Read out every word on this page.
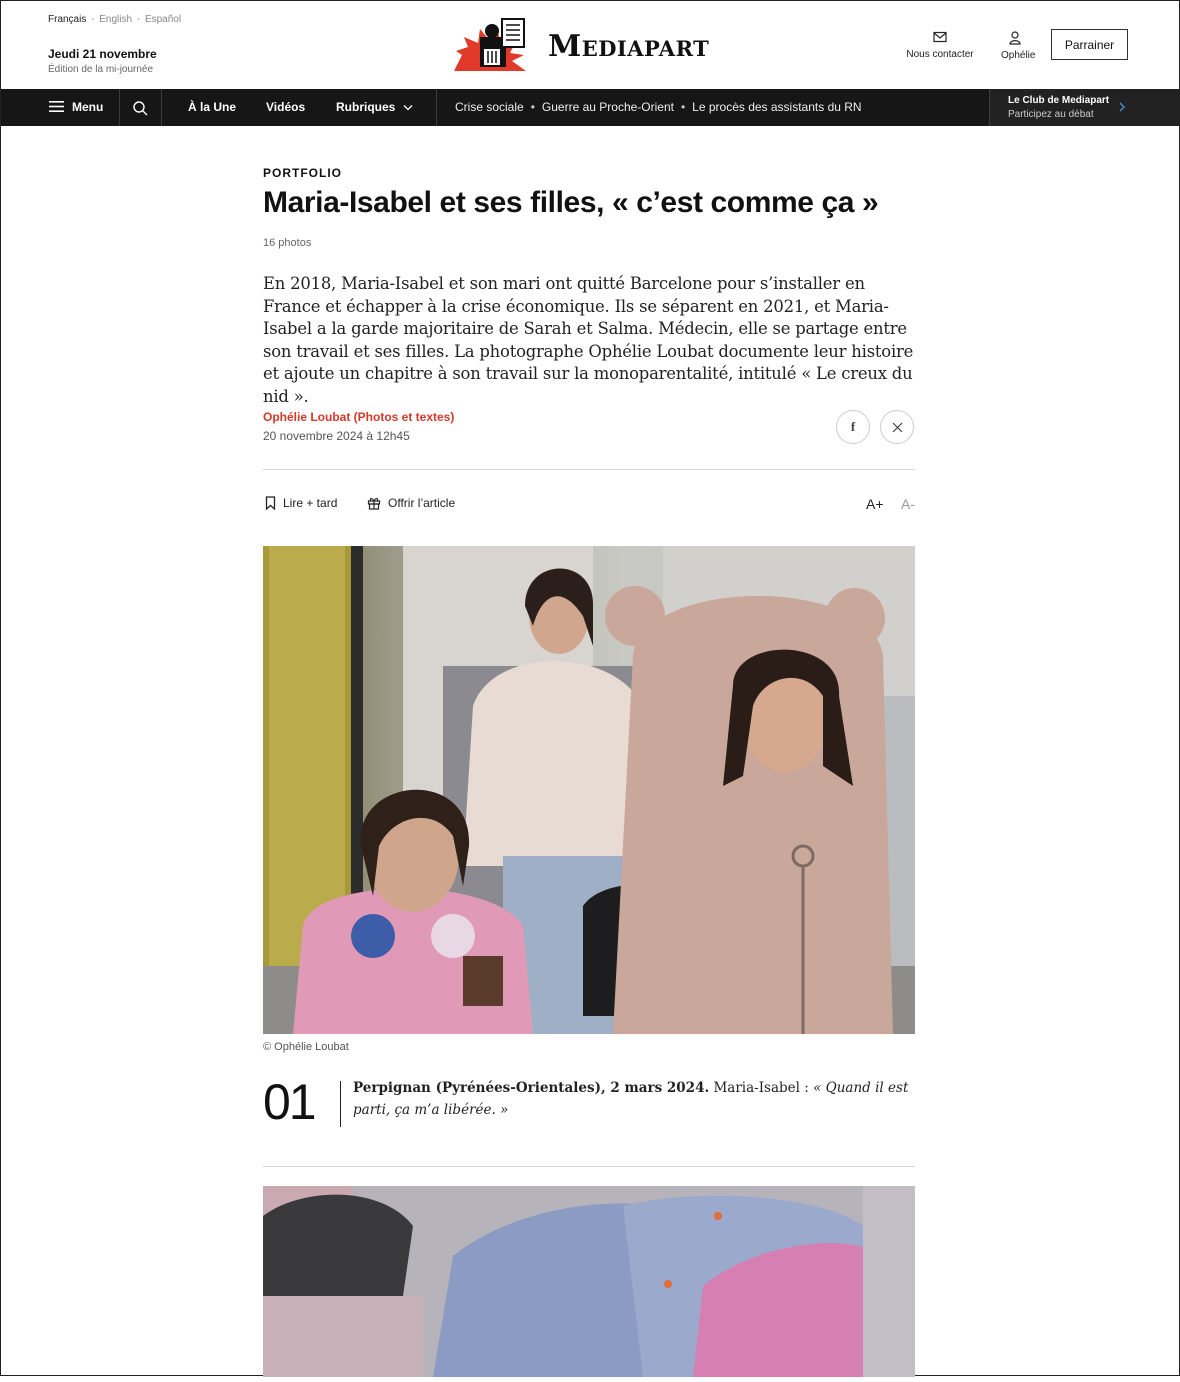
Français - English - Español
Jeudi 21 novembre
Édition de la mi-journée
Mediapart	Nous contacter	Ophélie
Parrainer
Menu	À la Une Vidéos	Rubriques	Crise sociale • Guerre au Proche-Orient • Le procès des assistants du RN	Le Club de Mediapart
Participez au débat
PORTFOLIO
Maria-Isabel et ses filles, « c’est comme ça »
16 photos

En 2018, Maria-Isabel et son mari ont quitté Barcelone pour s’installer en France et échapper à la crise économique. Ils se séparent en 2021, et Maria-Isabel a la garde majoritaire de Sarah et Salma. Médecin, elle se partage entre son travail et ses filles. La photographe Ophélie Loubat documente leur histoire et ajoute un chapitre à son travail sur la monoparentalité, intitulé « Le creux du nid ».

Ophélie Loubat (Photos et textes)
20 novembre 2024 à 12h45
f
Lire + tard	Offrir l’article	A+ A-
© Ophélie Loubat
01	Perpignan (Pyrénées-Orientales), 2 mars 2024. Maria-Isabel : « Quand il est parti, ça m’a libérée. »
